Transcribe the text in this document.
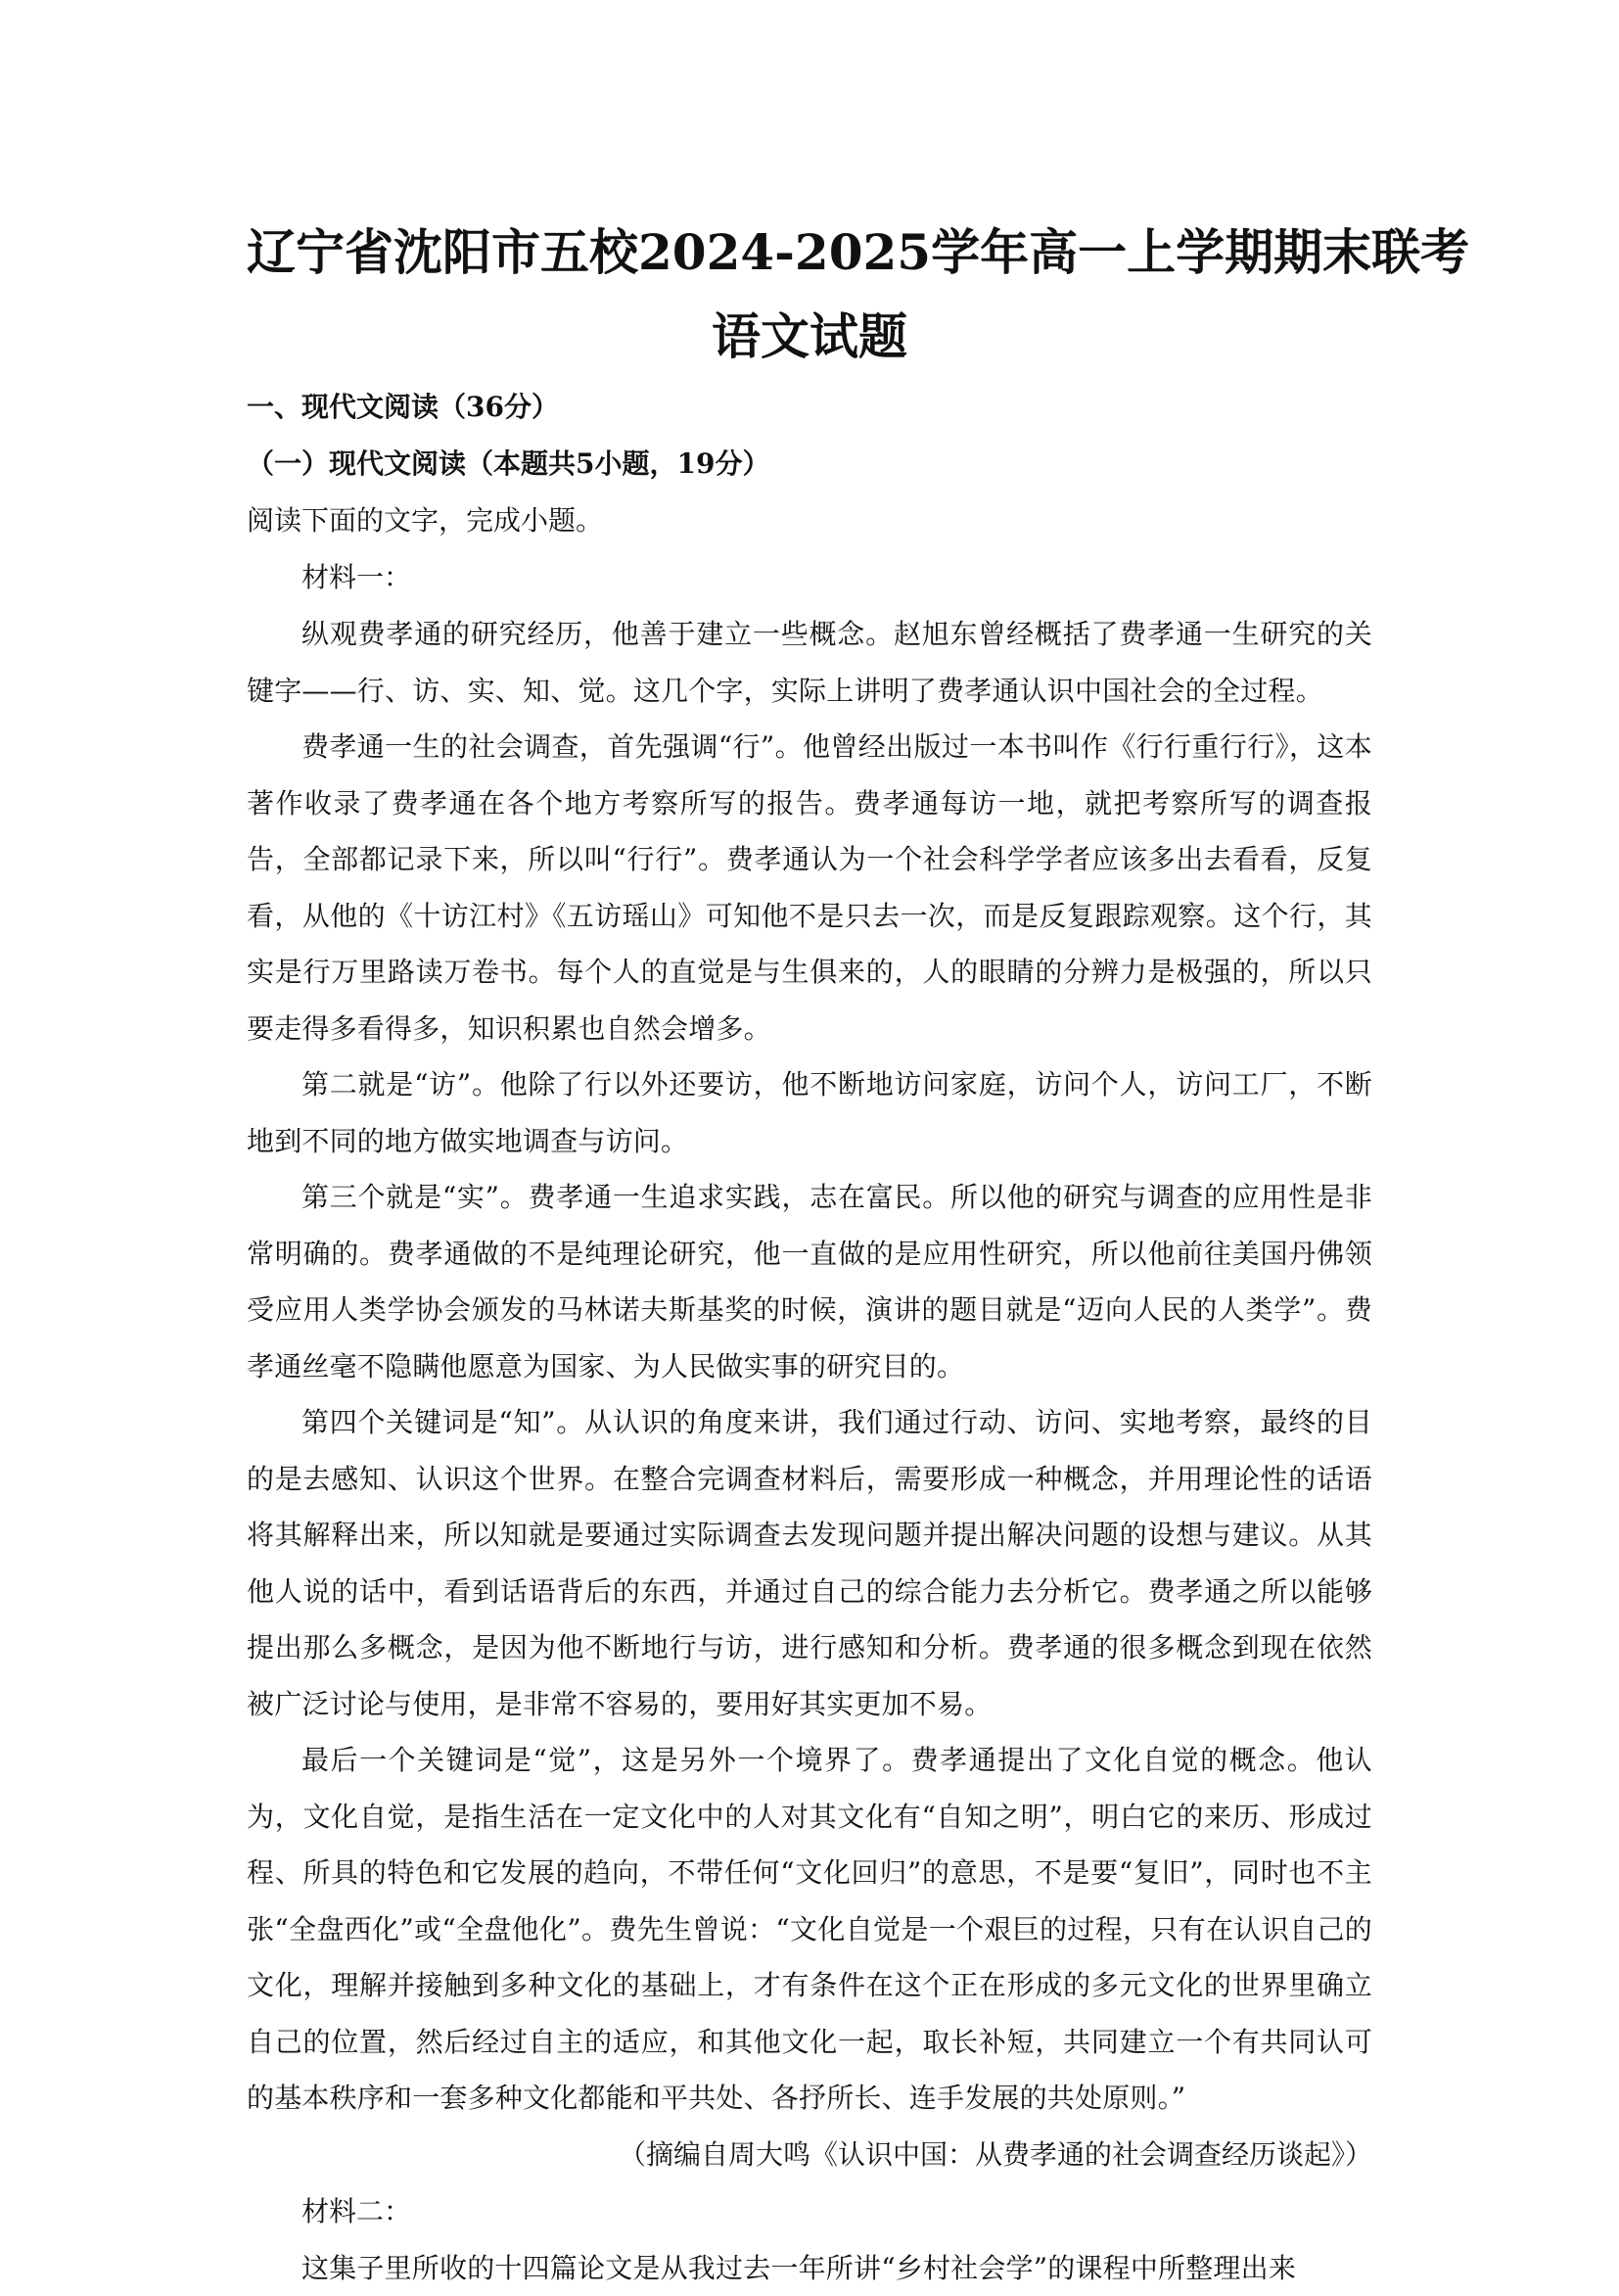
辽宁省沈阳市五校2024-2025学年高一上学期期末联考
语文试题
一、现代文阅读（36分）
（一）现代文阅读（本题共5小题，19分）
阅读下面的文字，完成小题。
材料一：

纵观费孝通的研究经历，他善于建立一些概念。赵旭东曾经概括了费孝通一生研究的关键字——行、访、实、知、觉。这几个字，实际上讲明了费孝通认识中国社会的全过程。

费孝通一生的社会调查，首先强调“行”。他曾经出版过一本书叫作《行行重行行》，这本著作收录了费孝通在各个地方考察所写的报告。费孝通每访一地，就把考察所写的调查报告，全部都记录下来，所以叫“行行”。费孝通认为一个社会科学学者应该多出去看看，反复看，从他的《十访江村》《五访瑶山》可知他不是只去一次，而是反复跟踪观察。这个行，其实是行万里路读万卷书。每个人的直觉是与生俱来的，人的眼睛的分辨力是极强的，所以只要走得多看得多，知识积累也自然会增多。

第二就是“访”。他除了行以外还要访，他不断地访问家庭，访问个人，访问工厂，不断地到不同的地方做实地调查与访问。

第三个就是“实”。费孝通一生追求实践，志在富民。所以他的研究与调查的应用性是非常明确的。费孝通做的不是纯理论研究，他一直做的是应用性研究，所以他前往美国丹佛领受应用人类学协会颁发的马林诺夫斯基奖的时候，演讲的题目就是“迈向人民的人类学”。费孝通丝毫不隐瞒他愿意为国家、为人民做实事的研究目的。

第四个关键词是“知”。从认识的角度来讲，我们通过行动、访问、实地考察，最终的目的是去感知、认识这个世界。在整合完调查材料后，需要形成一种概念，并用理论性的话语将其解释出来，所以知就是要通过实际调查去发现问题并提出解决问题的设想与建议。从其他人说的话中，看到话语背后的东西，并通过自己的综合能力去分析它。费孝通之所以能够提出那么多概念，是因为他不断地行与访，进行感知和分析。费孝通的很多概念到现在依然被广泛讨论与使用，是非常不容易的，要用好其实更加不易。

最后一个关键词是“觉”，这是另外一个境界了。费孝通提出了文化自觉的概念。他认为，文化自觉，是指生活在一定文化中的人对其文化有“自知之明”，明白它的来历、形成过程、所具的特色和它发展的趋向，不带任何“文化回归”的意思，不是要“复旧”，同时也不主张“全盘西化”或“全盘他化”。费先生曾说：“文化自觉是一个艰巨的过程，只有在认识自己的文化，理解并接触到多种文化的基础上，才有条件在这个正在形成的多元文化的世界里确立自己的位置，然后经过自主的适应，和其他文化一起，取长补短，共同建立一个有共同认可的基本秩序和一套多种文化都能和平共处、各抒所长、连手发展的共处原则。”

（摘编自周大鸣《认识中国：从费孝通的社会调查经历谈起》）
材料二：

这集子里所收的十四篇论文是从我过去一年所讲“乡村社会学”的课程中所整理出来
